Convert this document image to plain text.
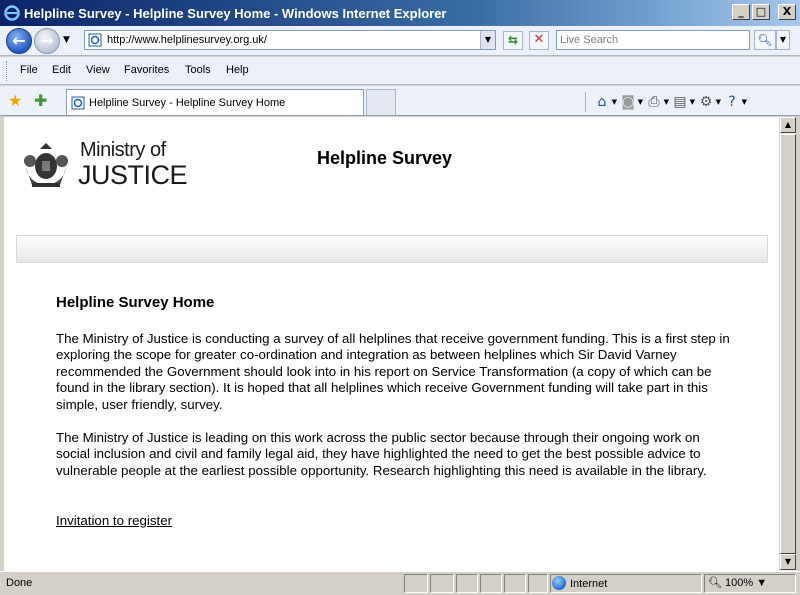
Helpline Survey - Helpline Survey Home - Windows Internet Explorer	_	□	X
← →	▼	http://www.helplinesurvey.org.uk/	▼	⇆	✕	Live Search	🔍︎ ▼
File Edit View Favorites Tools Help
★ ✚	Helpline Survey - Helpline Survey Home	⌂ ▼ ◙ ▼ ⎙ ▼ ▤ ▼ ⚙ ▼ ? ▼
Ministry of
JUSTICE
Helpline Survey
Helpline Survey Home

The Ministry of Justice is conducting a survey of all helplines that receive government funding. This is a first step in exploring the scope for greater co-ordination and integration as between helplines which Sir David Varney recommended the Government should look into in his report on Service Transformation (a copy of which can be found in the library section). It is hoped that all helplines which receive Government funding will take part in this simple, user friendly, survey.

The Ministry of Justice is leading on this work across the public sector because through their ongoing work on social inclusion and civil and family legal aid, they have highlighted the need to get the best possible advice to vulnerable people at the earliest possible opportunity. Research highlighting this need is available in the library.

Invitation to register
▲
▼
Done	Internet	🔍︎ 100% ▼
